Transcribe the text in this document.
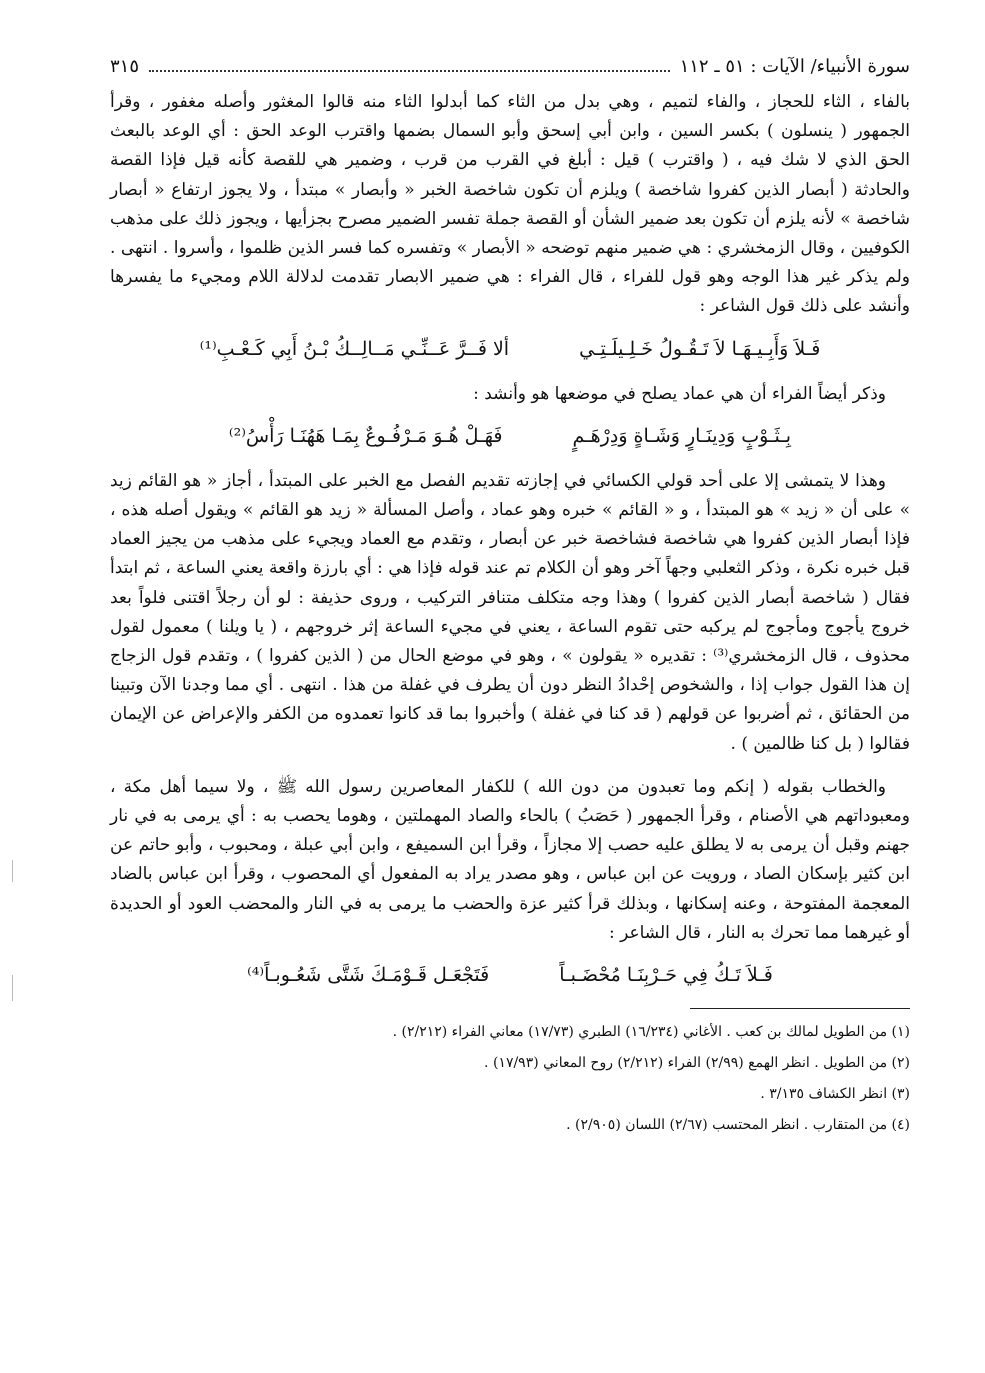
سورة الأنبياء/ الآيات : ٥١ ـ ١١٢
٣١٥

بالفاء ، الثاء للحجاز ، والفاء لتميم ، وهي بدل من الثاء كما أبدلوا الثاء منه قالوا المغثور وأصله مغفور ، وقرأ الجمهور ( ينسلون ) بكسر السين ، وابن أبي إسحق وأبو السمال بضمها واقترب الوعد الحق : أي الوعد بالبعث الحق الذي لا شك فيه ، ( واقترب ) قيل : أبلغ في القرب من قرب ، وضمير هي للقصة كأنه قيل فإذا القصة والحادثة ( أبصار الذين كفروا شاخصة ) ويلزم أن تكون شاخصة الخبر « وأبصار » مبتدأ ، ولا يجوز ارتفاع « أبصار شاخصة » لأنه يلزم أن تكون بعد ضمير الشأن أو القصة جملة تفسر الضمير مصرح بجزأيها ، ويجوز ذلك على مذهب الكوفيين ، وقال الزمخشري : هي ضمير منهم توضحه « الأبصار » وتفسره كما فسر الذين ظلموا ، وأسروا . انتهى . ولم يذكر غير هذا الوجه وهو قول للفراء ، قال الفراء : هي ضمير الابصار تقدمت لدلالة اللام ومجيء ما يفسرها وأنشد على ذلك قول الشاعر :

فَـلاَ وَأَبِـيـهَـا لاَ تَـقُـولُ خَـلِـيلَـتِـي
ألا فَــرَّ عَــنِّـي مَــالِــكُ بْـنُ أَبِي كَـعْـبِ⁽¹⁾

وذكر أيضاً الفراء أن هي عماد يصلح في موضعها هو وأنشد :

بِـثَـوْبٍ وَدِينَـارٍ وَشَـاةٍ وَدِرْهَـمٍ
فَهَـلْ هُـوَ مَـرْفُـوعٌ بِمَـا هَهُنَـا رَأْسُ⁽²⁾

وهذا لا يتمشى إلا على أحد قولي الكسائي في إجازته تقديم الفصل مع الخبر على المبتدأ ، أجاز « هو القائم زيد » على أن « زيد » هو المبتدأ ، و « القائم » خبره وهو عماد ، وأصل المسألة « زيد هو القائم » ويقول أصله هذه ، فإذا أبصار الذين كفروا هي شاخصة فشاخصة خبر عن أبصار ، وتقدم مع العماد ويجيء على مذهب من يجيز العماد قبل خبره نكرة ، وذكر الثعلبي وجهاً آخر وهو أن الكلام تم عند قوله فإذا هي : أي بارزة واقعة يعني الساعة ، ثم ابتدأ فقال ( شاخصة أبصار الذين كفروا ) وهذا وجه متكلف متنافر التركيب ، وروى حذيفة : لو أن رجلاً اقتنى فلواً بعد خروج يأجوج ومأجوج لم يركبه حتى تقوم الساعة ، يعني في مجيء الساعة إثر خروجهم ، ( يا ويلنا ) معمول لقول محذوف ، قال الزمخشري⁽³⁾ : تقديره « يقولون » ، وهو في موضع الحال من ( الذين كفروا ) ، وتقدم قول الزجاج إن هذا القول جواب إذا ، والشخوص إحْدادُ النظر دون أن يطرف في غفلة من هذا . انتهى . أي مما وجدنا الآن وتبينا من الحقائق ، ثم أضربوا عن قولهم ( قد كنا في غفلة ) وأخبروا بما قد كانوا تعمدوه من الكفر والإعراض عن الإيمان فقالوا ( بل كنا ظالمين ) .

والخطاب بقوله ( إنكم وما تعبدون من دون الله ) للكفار المعاصرين رسول الله ﷺ ، ولا سيما أهل مكة ، ومعبوداتهم هي الأصنام ، وقرأ الجمهور ( حَصَبُ ) بالحاء والصاد المهملتين ، وهوما يحصب به : أي يرمى به في نار جهنم وقبل أن يرمى به لا يطلق عليه حصب إلا مجازاً ، وقرأ ابن السميفع ، وابن أبي عبلة ، ومحبوب ، وأبو حاتم عن ابن كثير بإسكان الصاد ، ورويت عن ابن عباس ، وهو مصدر يراد به المفعول أي المحصوب ، وقرأ ابن عباس بالضاد المعجمة المفتوحة ، وعنه إسكانها ، وبذلك قرأ كثير عزة والحضب ما يرمى به في النار والمحضب العود أو الحديدة أو غيرهما مما تحرك به النار ، قال الشاعر :

فَـلاَ تَـكُ فِي حَـرْبِنَـا مُحْضَـبـاً
فَتَجْعَـل قَـوْمَـكَ شَتَّى شَعُـوبـاً⁽⁴⁾

(١) من الطويل لمالك بن كعب . الأغاني (١٦/٢٣٤) الطبري (١٧/٧٣) معاني الفراء (٢/٢١٢) .

(٢) من الطويل . انظر الهمع (٢/٩٩) الفراء (٢/٢١٢) روح المعاني (١٧/٩٣) .

(٣) انظر الكشاف ٣/١٣٥ .

(٤) من المتقارب . انظر المحتسب (٢/٦٧) اللسان (٢/٩٠٥) .
